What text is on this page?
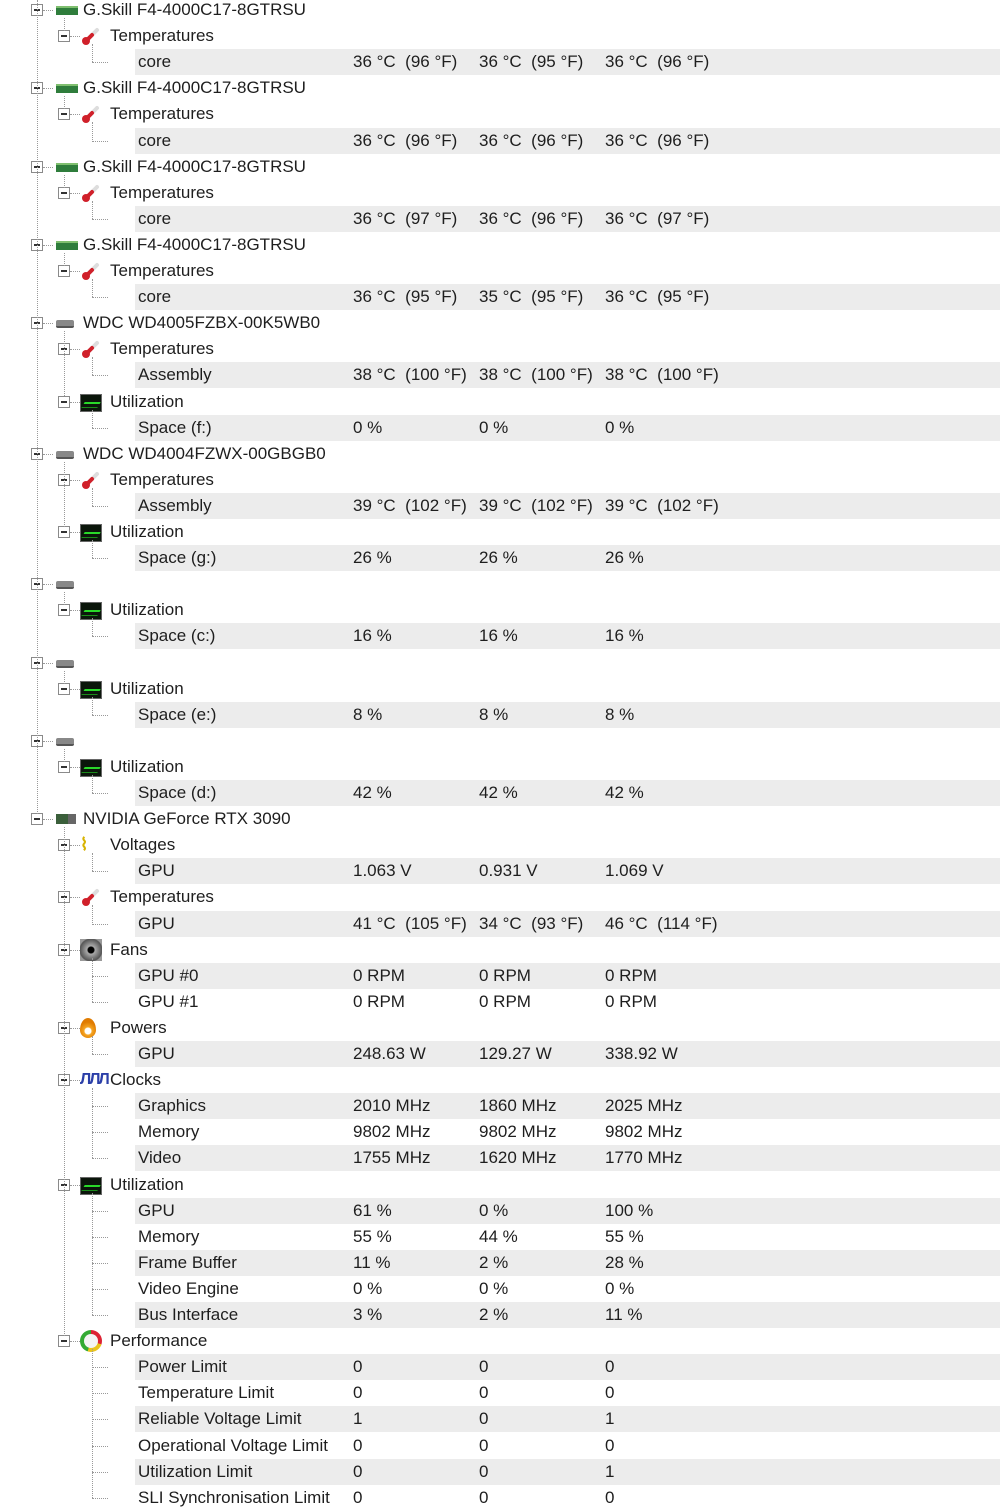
G.Skill F4-4000C17-8GTRSU
Temperatures
core	36 °C  (96 °F) 36 °C  (95 °F) 36 °C  (96 °F)
G.Skill F4-4000C17-8GTRSU
Temperatures
core	36 °C  (96 °F) 36 °C  (96 °F) 36 °C  (96 °F)
G.Skill F4-4000C17-8GTRSU
Temperatures
core	36 °C  (97 °F) 36 °C  (96 °F) 36 °C  (97 °F)
G.Skill F4-4000C17-8GTRSU
Temperatures
core	36 °C  (95 °F) 35 °C  (95 °F) 36 °C  (95 °F)
WDC WD4005FZBX-00K5WB0
Temperatures
Assembly	38 °C  (100 °F) 38 °C  (100 °F) 38 °C  (100 °F)
Utilization
Space (f:)	0 %	0 %	0 %
WDC WD4004FZWX-00GBGB0
Temperatures
Assembly	39 °C  (102 °F) 39 °C  (102 °F) 39 °C  (102 °F)
Utilization
Space (g:)	26 %	26 %	26 %
Utilization
Space (c:)	16 %	16 %	16 %
Utilization
Space (e:)	8 %	8 %	8 %
Utilization
Space (d:)	42 %	42 %	42 %
NVIDIA GeForce RTX 3090
⌇	Voltages
GPU	1.063 V	0.931 V	1.069 V
Temperatures
GPU	41 °C  (105 °F) 34 °C  (93 °F) 46 °C  (114 °F)
Fans
GPU #0	0 RPM	0 RPM	0 RPM
GPU #1	0 RPM	0 RPM	0 RPM
Powers
GPU	248.63 W	129.27 W	338.92 W
ЛЛЛ Clocks
Graphics	2010 MHz	1860 MHz	2025 MHz
Memory	9802 MHz	9802 MHz	9802 MHz
Video	1755 MHz	1620 MHz	1770 MHz
Utilization
GPU	61 %	0 %	100 %
Memory	55 %	44 %	55 %
Frame Buffer	11 %	2 %	28 %
Video Engine	0 %	0 %	0 %
Bus Interface	3 %	2 %	11 %
Performance
Power Limit	0	0	0
Temperature Limit	0	0	0
Reliable Voltage Limit	1	0	1
Operational Voltage Limit 0	0	0
Utilization Limit	0	0	1
SLI Synchronisation Limit 0	0	0
